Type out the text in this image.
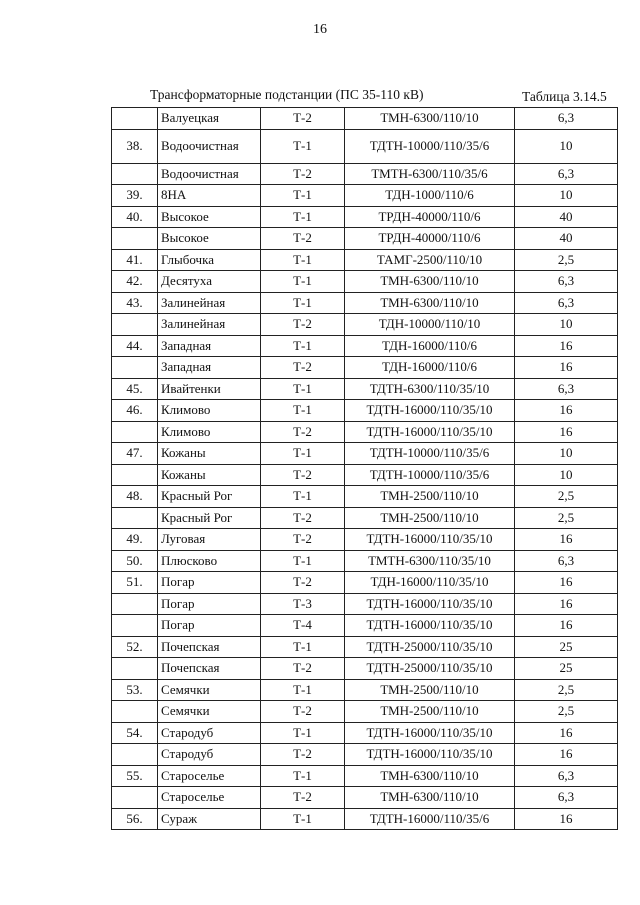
16
Трансформаторные подстанции (ПС 35-110 кВ)	Таблица 3.14.5
	Валуецкая	Т-2	ТМН-6300/110/10	6,3
38.	Водоочистная	Т-1	ТДТН-10000/110/35/6	10
	Водоочистная	Т-2	ТМТН-6300/110/35/6	6,3
39.	8НА	Т-1	ТДН-1000/110/6	10
40.	Высокое	Т-1	ТРДН-40000/110/6	40
	Высокое	Т-2	ТРДН-40000/110/6	40
41.	Глыбочка	Т-1	ТАМГ-2500/110/10	2,5
42.	Десятуха	Т-1	ТМН-6300/110/10	6,3
43.	Залинейная	Т-1	ТМН-6300/110/10	6,3
	Залинейная	Т-2	ТДН-10000/110/10	10
44.	Западная	Т-1	ТДН-16000/110/6	16
	Западная	Т-2	ТДН-16000/110/6	16
45.	Ивайтенки	Т-1	ТДТН-6300/110/35/10	6,3
46.	Климово	Т-1	ТДТН-16000/110/35/10	16
	Климово	Т-2	ТДТН-16000/110/35/10	16
47.	Кожаны	Т-1	ТДТН-10000/110/35/6	10
	Кожаны	Т-2	ТДТН-10000/110/35/6	10
48.	Красный Рог	Т-1	ТМН-2500/110/10	2,5
	Красный Рог	Т-2	ТМН-2500/110/10	2,5
49.	Луговая	Т-2	ТДТН-16000/110/35/10	16
50.	Плюсково	Т-1	ТМТН-6300/110/35/10	6,3
51.	Погар	Т-2	ТДН-16000/110/35/10	16
	Погар	Т-3	ТДТН-16000/110/35/10	16
	Погар	Т-4	ТДТН-16000/110/35/10	16
52.	Почепская	Т-1	ТДТН-25000/110/35/10	25
	Почепская	Т-2	ТДТН-25000/110/35/10	25
53.	Семячки	Т-1	ТМН-2500/110/10	2,5
	Семячки	Т-2	ТМН-2500/110/10	2,5
54.	Стародуб	Т-1	ТДТН-16000/110/35/10	16
	Стародуб	Т-2	ТДТН-16000/110/35/10	16
55.	Староселье	Т-1	ТМН-6300/110/10	6,3
	Староселье	Т-2	ТМН-6300/110/10	6,3
56.	Сураж	Т-1	ТДТН-16000/110/35/6	16
